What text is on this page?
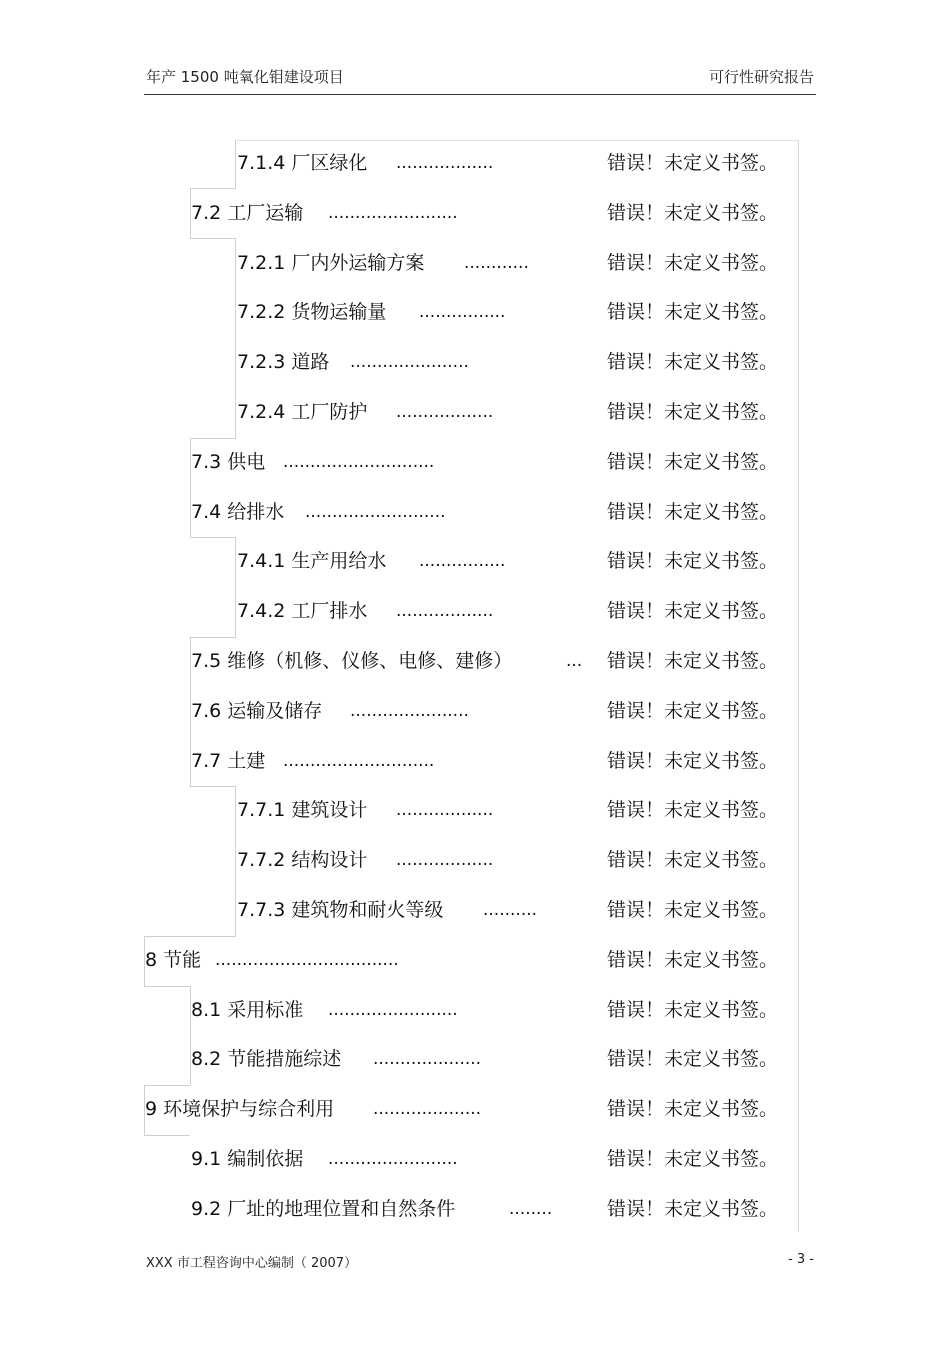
年产 1500 吨氧化钼建设项目	可行性研究报告
7.1.4 厂区绿化 ..................	错误！未定义书签。
7.2 工厂运输 ........................	错误！未定义书签。
7.2.1 厂内外运输方案 ............	错误！未定义书签。
7.2.2 货物运输量 ................	错误！未定义书签。
7.2.3 道路 ......................	错误！未定义书签。
7.2.4 工厂防护 ..................	错误！未定义书签。
7.3 供电 ............................	错误！未定义书签。
7.4 给排水 ..........................	错误！未定义书签。
7.4.1 生产用给水 ................	错误！未定义书签。
7.4.2 工厂排水 ..................	错误！未定义书签。
7.5 维修（机修、仪修、电修、建修）	... 错误！未定义书签。
7.6 运输及储存 ......................	错误！未定义书签。
7.7 土建 ............................	错误！未定义书签。
7.7.1 建筑设计 ..................	错误！未定义书签。
7.7.2 结构设计 ..................	错误！未定义书签。
7.7.3 建筑物和耐火等级 ..........	错误！未定义书签。
8 节能 ..................................	错误！未定义书签。
8.1 采用标准 ........................	错误！未定义书签。
8.2 节能措施综述 ....................	错误！未定义书签。
9 环境保护与综合利用 ....................	错误！未定义书签。
9.1 编制依据 ........................	错误！未定义书签。
9.2 厂址的地理位置和自然条件	........	错误！未定义书签。
XXX 市工程咨询中心编制（ 2007）	- 3 -
